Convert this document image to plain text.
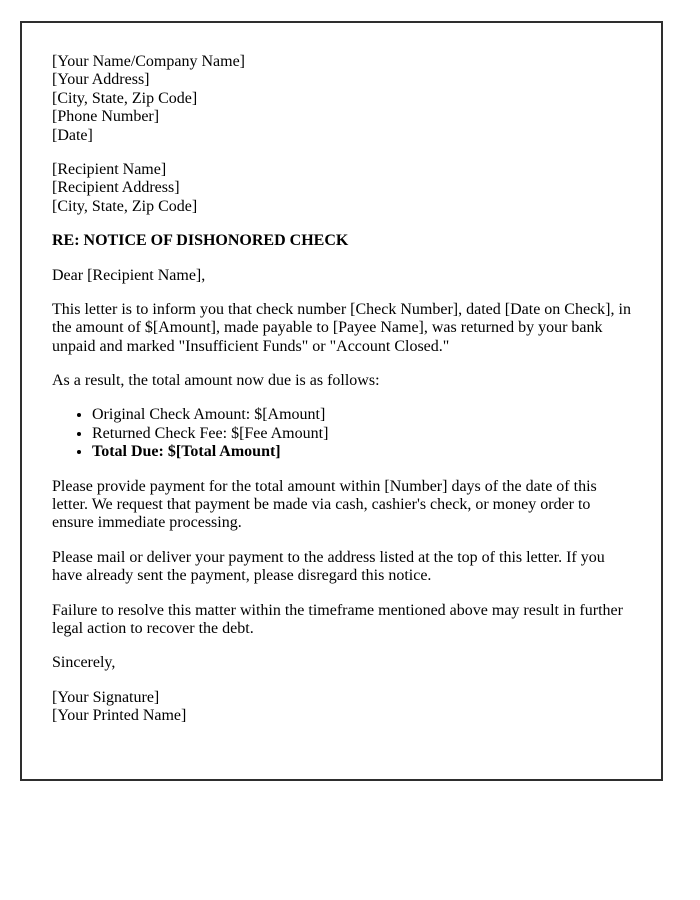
[Your Name/Company Name]
[Your Address]
[City, State, Zip Code]
[Phone Number]
[Date]

[Recipient Name]
[Recipient Address]
[City, State, Zip Code]

RE: NOTICE OF DISHONORED CHECK

Dear [Recipient Name],

This letter is to inform you that check number [Check Number], dated [Date on Check], in the amount of $[Amount], made payable to [Payee Name], was returned by your bank unpaid and marked "Insufficient Funds" or "Account Closed."

As a result, the total amount now due is as follows:

• Original Check Amount: $[Amount]
• Returned Check Fee: $[Fee Amount]
• Total Due: $[Total Amount]

Please provide payment for the total amount within [Number] days of the date of this letter. We request that payment be made via cash, cashier's check, or money order to ensure immediate processing.

Please mail or deliver your payment to the address listed at the top of this letter. If you have already sent the payment, please disregard this notice.

Failure to resolve this matter within the timeframe mentioned above may result in further legal action to recover the debt.

Sincerely,

[Your Signature]
[Your Printed Name]
